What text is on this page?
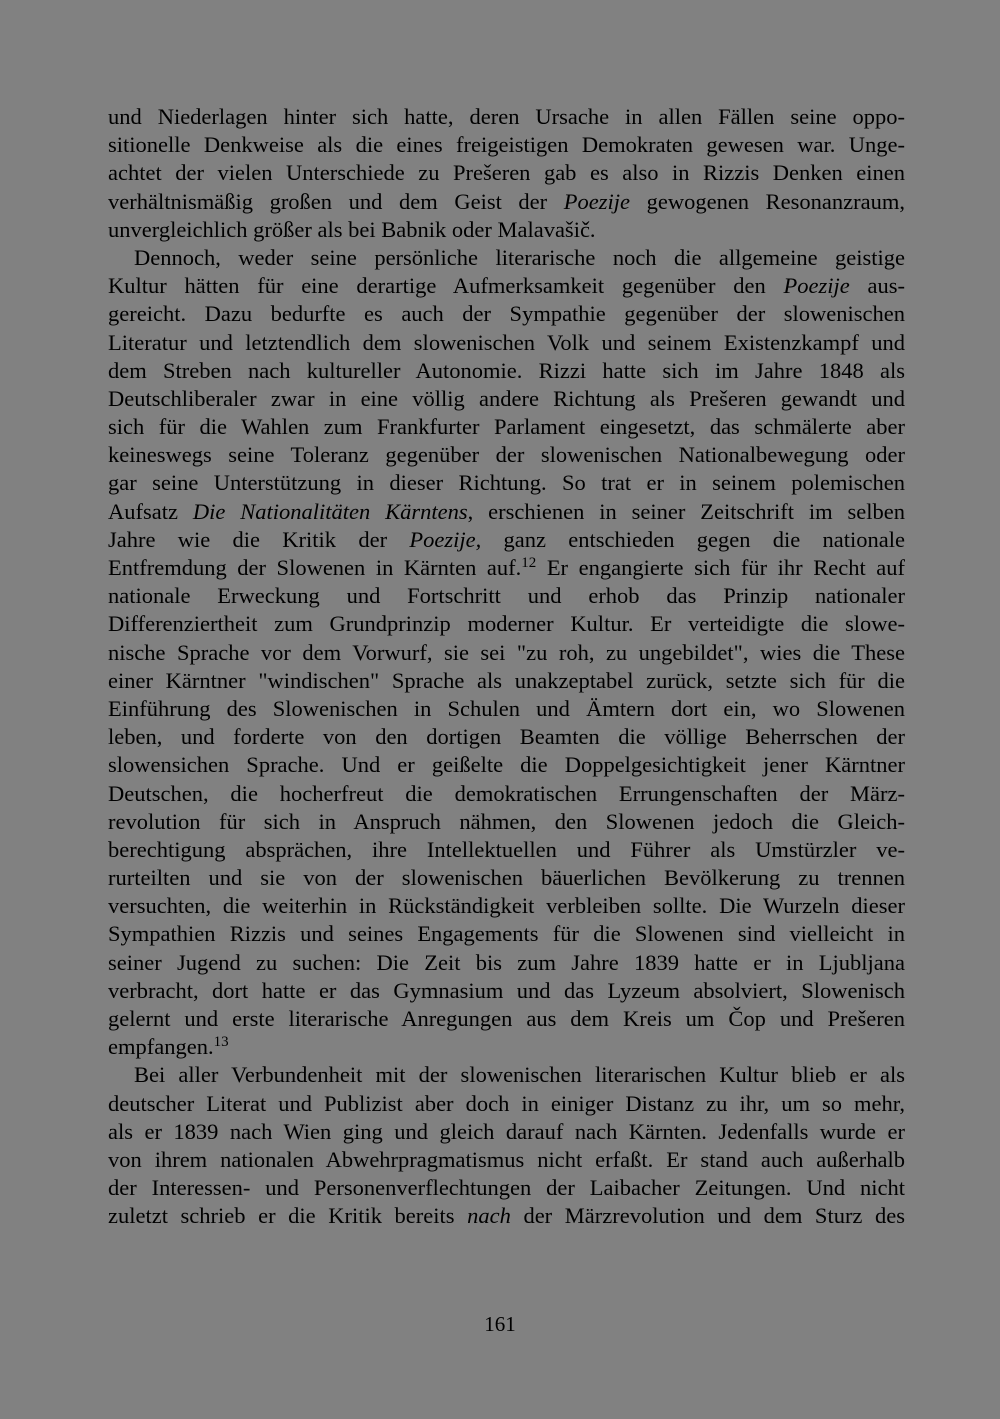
und Niederlagen hinter sich hatte, deren Ursache in allen Fällen seine oppo-
sitionelle Denkweise als die eines freigeistigen Demokraten gewesen war. Unge-
achtet der vielen Unterschiede zu Prešeren gab es also in Rizzis Denken einen
verhältnismäßig großen und dem Geist der Poezije gewogenen Resonanzraum,
unvergleichlich größer als bei Babnik oder Malavašič.
Dennoch, weder seine persönliche literarische noch die allgemeine geistige
Kultur hätten für eine derartige Aufmerksamkeit gegenüber den Poezije aus-
gereicht. Dazu bedurfte es auch der Sympathie gegenüber der slowenischen
Literatur und letztendlich dem slowenischen Volk und seinem Existenzkampf und
dem Streben nach kultureller Autonomie. Rizzi hatte sich im Jahre 1848 als
Deutschliberaler zwar in eine völlig andere Richtung als Prešeren gewandt und
sich für die Wahlen zum Frankfurter Parlament eingesetzt, das schmälerte aber
keineswegs seine Toleranz gegenüber der slowenischen Nationalbewegung oder
gar seine Unterstützung in dieser Richtung. So trat er in seinem polemischen
Aufsatz Die Nationalitäten Kärntens, erschienen in seiner Zeitschrift im selben
Jahre wie die Kritik der Poezije, ganz entschieden gegen die nationale
Entfremdung der Slowenen in Kärnten auf.$^{12}$ Er engangierte sich für ihr Recht auf
nationale Erweckung und Fortschritt und erhob das Prinzip nationaler
Differenziertheit zum Grundprinzip moderner Kultur. Er verteidigte die slowe-
nische Sprache vor dem Vorwurf, sie sei "zu roh, zu ungebildet", wies die These
einer Kärntner "windischen" Sprache als unakzeptabel zurück, setzte sich für die
Einführung des Slowenischen in Schulen und Ämtern dort ein, wo Slowenen
leben, und forderte von den dortigen Beamten die völlige Beherrschen der
slowensichen Sprache. Und er geißelte die Doppelgesichtigkeit jener Kärntner
Deutschen, die hocherfreut die demokratischen Errungenschaften der März-
revolution für sich in Anspruch nähmen, den Slowenen jedoch die Gleich-
berechtigung absprächen, ihre Intellektuellen und Führer als Umstürzler ve-
rurteilten und sie von der slowenischen bäuerlichen Bevölkerung zu trennen
versuchten, die weiterhin in Rückständigkeit verbleiben sollte. Die Wurzeln dieser
Sympathien Rizzis und seines Engagements für die Slowenen sind vielleicht in
seiner Jugend zu suchen: Die Zeit bis zum Jahre 1839 hatte er in Ljubljana
verbracht, dort hatte er das Gymnasium und das Lyzeum absolviert, Slowenisch
gelernt und erste literarische Anregungen aus dem Kreis um Čop und Prešeren
empfangen.$^{13}$
Bei aller Verbundenheit mit der slowenischen literarischen Kultur blieb er als
deutscher Literat und Publizist aber doch in einiger Distanz zu ihr, um so mehr,
als er 1839 nach Wien ging und gleich darauf nach Kärnten. Jedenfalls wurde er
von ihrem nationalen Abwehrpragmatismus nicht erfaßt. Er stand auch außerhalb
der Interessen- und Personenverflechtungen der Laibacher Zeitungen. Und nicht
zuletzt schrieb er die Kritik bereits nach der Märzrevolution und dem Sturz des
161
